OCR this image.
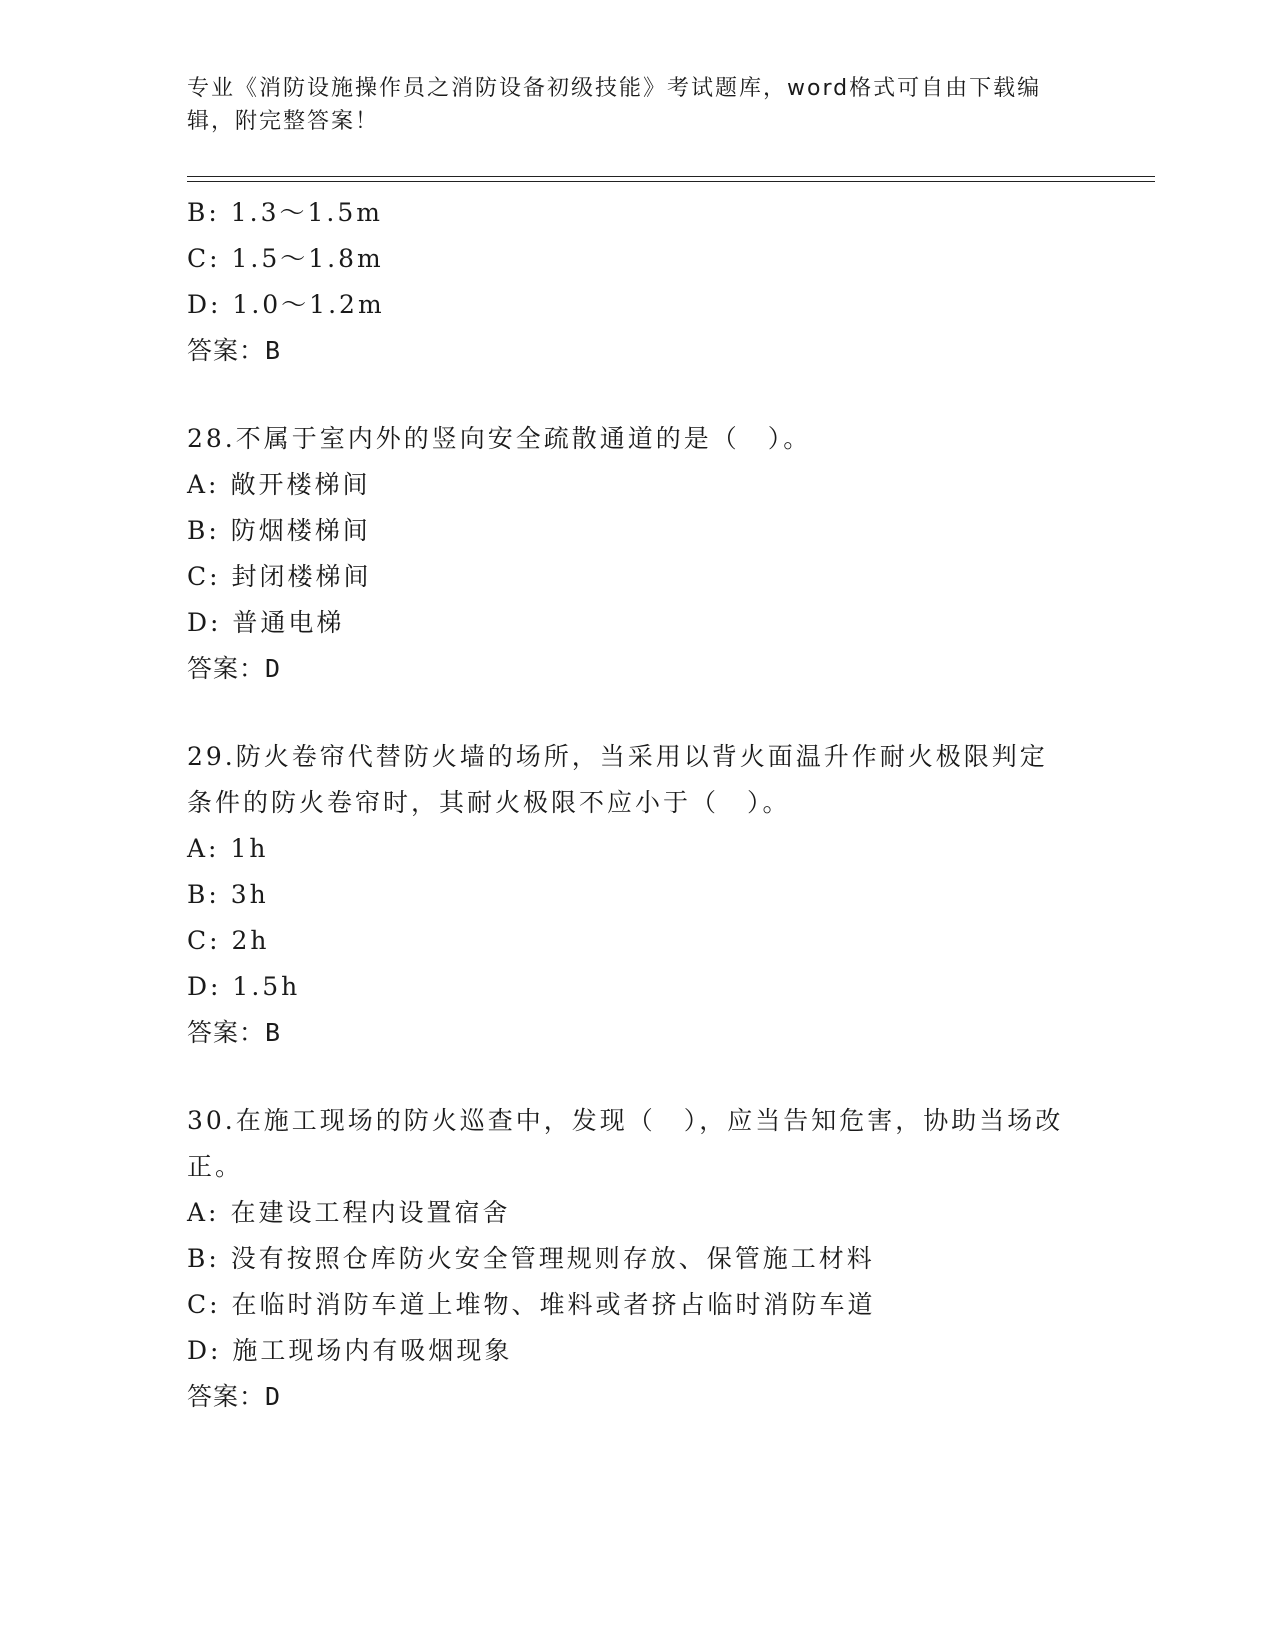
专业《消防设施操作员之消防设备初级技能》考试题库，word格式可自由下载编辑，附完整答案！
B: 1.3～1.5m
C: 1.5～1.8m
D: 1.0～1.2m
答案：B
28.不属于室内外的竖向安全疏散通道的是（　）。
A: 敞开楼梯间
B: 防烟楼梯间
C: 封闭楼梯间
D: 普通电梯
答案：D
29.防火卷帘代替防火墙的场所，当采用以背火面温升作耐火极限判定条件的防火卷帘时，其耐火极限不应小于（　）。
A: 1h
B: 3h
C: 2h
D: 1.5h
答案：B
30.在施工现场的防火巡查中，发现（　），应当告知危害，协助当场改正。
A: 在建设工程内设置宿舍
B: 没有按照仓库防火安全管理规则存放、保管施工材料
C: 在临时消防车道上堆物、堆料或者挤占临时消防车道
D: 施工现场内有吸烟现象
答案：D
